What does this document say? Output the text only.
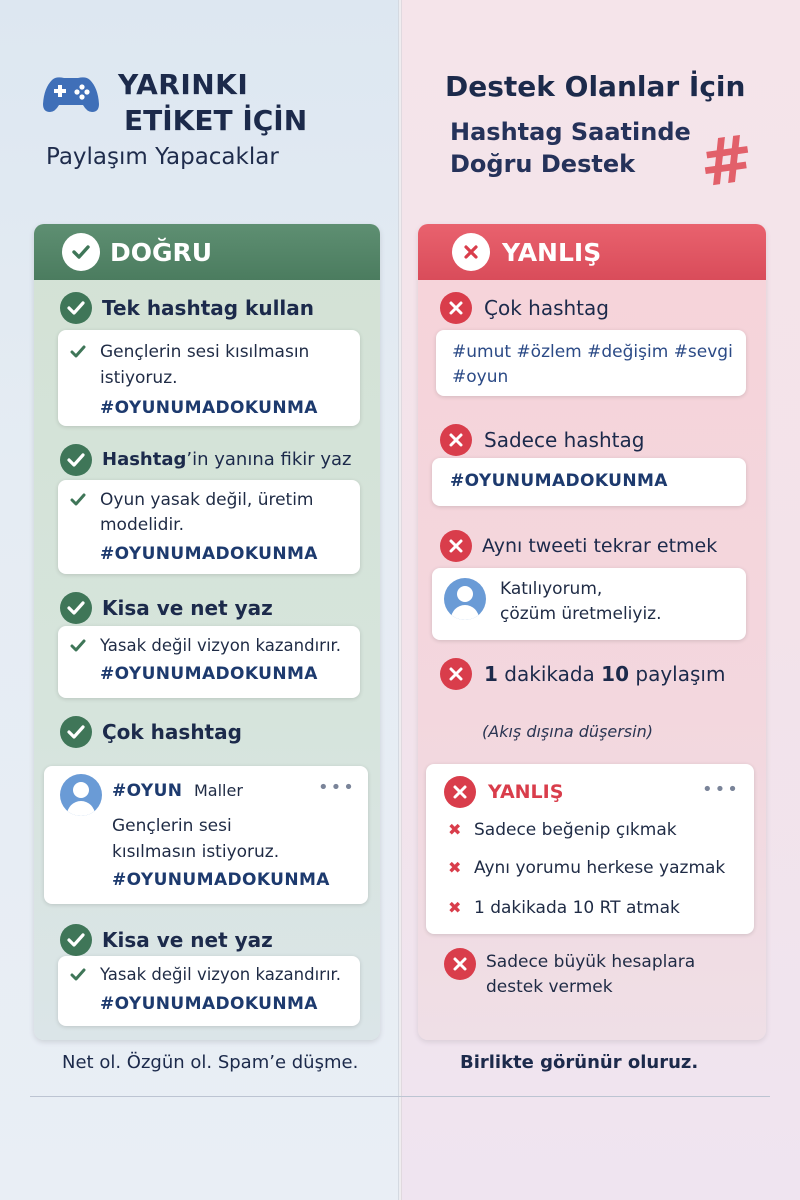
YARINKI
ETİKET İÇİN
Paylaşım Yapacaklar
Destek Olanlar İçin
Hashtag Saatinde
Doğru Destek #
DOĞRU
Tek hashtag kullan
Gençlerin sesi kısılmasın
istiyoruz.
#OYUNUMADOKUNMA
Hashtag’in yanına fikir yaz
Oyun yasak değil, üretim
modelidir.
#OYUNUMADOKUNMA
Kisa ve net yaz
Yasak değil vizyon kazandırır.
#OYUNUMADOKUNMA
Çok hashtag
#OYUN Maller	•••
Gençlerin sesi
kısılmasın istiyoruz.
#OYUNUMADOKUNMA
Kisa ve net yaz
Yasak değil vizyon kazandırır.
#OYUNUMADOKUNMA
YANLIŞ
Çok hashtag
#umut #özlem #değişim #sevgi
#oyun
Sadece hashtag
#OYUNUMADOKUNMA
Aynı tweeti tekrar etmek
Katılıyorum,
çözüm üretmeliyiz.
1 dakikada 10 paylaşım
(Akış dışına düşersin)
YANLIŞ	•••
✖ Sadece beğenip çıkmak
✖ Aynı yorumu herkese yazmak
✖ 1 dakikada 10 RT atmak
Sadece büyük hesaplara
destek vermek
Net ol. Özgün ol. Spam’e düşme.	Birlikte görünür oluruz.
